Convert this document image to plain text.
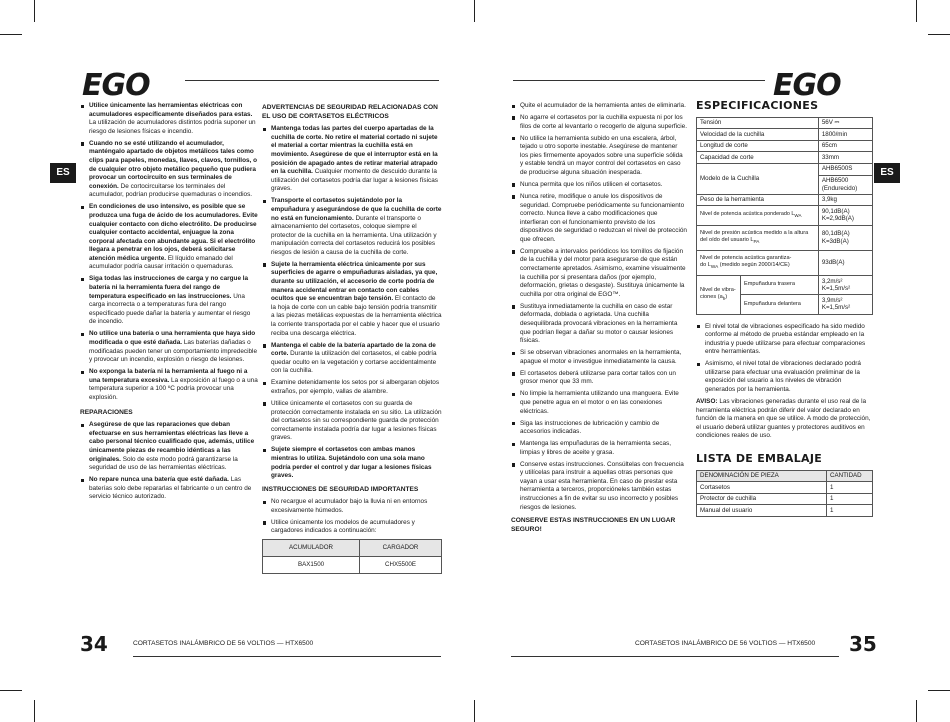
EGO
ES
Utilice únicamente las herramientas eléctricas con acumuladores específicamente diseñados para estas. La utilización de acumuladores distintos podría suponer un riesgo de lesiones físicas e incendio.
Cuando no se esté utilizando el acumulador, manténgalo apartado de objetos metálicos tales como clips para papeles, monedas, llaves, clavos, tornillos, o de cualquier otro objeto metálico pequeño que pudiera provocar un cortocircuito en sus terminales de conexión. De cortocircuitarse los terminales del acumulador, podrían producirse quemaduras o incendios.
En condiciones de uso intensivo, es posible que se produzca una fuga de ácido de los acumuladores. Evite cualquier contacto con dicho electrólito. De producirse cualquier contacto accidental, enjuague la zona corporal afectada con abundante agua. Si el electrólito llegara a penetrar en los ojos, deberá solicitarse atención médica urgente. El líquido emanado del acumulador podría causar irritación o quemaduras.
Siga todas las instrucciones de carga y no cargue la batería ni la herramienta fuera del rango de temperatura especificado en las instrucciones. Una carga incorrecta o a temperaturas fura del rango especificado puede dañar la batería y aumentar el riesgo de incendio.
No utilice una batería o una herramienta que haya sido modificada o que esté dañada. Las baterías dañadas o modificadas pueden tener un comportamiento impredecible y provocar un incendio, explosión o riesgo de lesiones.
No exponga la batería ni la herramienta al fuego ni a una temperatura excesiva. La exposición al fuego o a una temperatura superior a 100 ºC podría provocar una explosión.
REPARACIONES
Asegúrese de que las reparaciones que deban efectuarse en sus herramientas eléctricas las lleve a cabo personal técnico cualificado que, además, utilice únicamente piezas de recambio idénticas a las originales. Solo de este modo podrá garantizarse la seguridad de uso de las herramientas eléctricas.
No repare nunca una batería que esté dañada. Las baterías solo debe repararlas el fabricante o un centro de servicio técnico autorizado.
ADVERTENCIAS DE SEGURIDAD RELACIONADAS CON EL USO DE CORTASETOS ELÉCTRICOS
Mantenga todas las partes del cuerpo apartadas de la cuchilla de corte. No retire el material cortado ni sujete el material a cortar mientras la cuchilla está en movimiento. Asegúrese de que el interruptor está en la posición de apagado antes de retirar material atrapado en la cuchilla. Cualquier momento de descuido durante la utilización del cortasetos podría dar lugar a lesiones físicas graves.
Transporte el cortasetos sujetándolo por la empuñadura y asegurándose de que la cuchilla de corte no está en funcionamiento. Durante el transporte o almacenamiento del cortasetos, coloque siempre el protector de la cuchilla en la herramienta. Una utilización y manipulación correcta del cortasetos reducirá los posibles riesgos de lesión a causa de la cuchilla de corte.
Sujete la herramienta eléctrica únicamente por sus superficies de agarre o empuñaduras aisladas, ya que, durante su utilización, el accesorio de corte podría de manera accidental entrar en contacto con cables ocultos que se encuentran bajo tensión. El contacto de la hoja de corte con un cable bajo tensión podría transmitir a las piezas metálicas expuestas de la herramienta eléctrica la corriente transportada por el cable y hacer que el usuario reciba una descarga eléctrica.
Mantenga el cable de la batería apartado de la zona de corte. Durante la utilización del cortasetos, el cable podría quedar oculto en la vegetación y cortarse accidentalmente con la cuchilla.
Examine detenidamente los setos por si albergaran objetos extraños, por ejemplo, vallas de alambre.
Utilice únicamente el cortasetos con su guarda de protección correctamente instalada en su sitio. La utilización del cortasetos sin su correspondiente guarda de protección correctamente instalada podría dar lugar a lesiones físicas graves.
Sujete siempre el cortasetos con ambas manos mientras lo utiliza. Sujetándolo con una sola mano podría perder el control y dar lugar a lesiones físicas graves.
INSTRUCCIONES DE SEGURIDAD IMPORTANTES
No recargue el acumulador bajo la lluvia ni en entornos excesivamente húmedos.
Utilice únicamente los modelos de acumuladores y cargadores indicados a continuación:
ACUMULADOR	CARGADOR
BAX1500	CHX5500E
34	CORTASETOS INALÁMBRICO DE 56 VOLTIOS — HTX6500
EGO
ES
Quite el acumulador de la herramienta antes de eliminarla.
No agarre el cortasetos por la cuchilla expuesta ni por los filos de corte al levantarlo o recogerlo de alguna superficie.
No utilice la herramienta subido en una escalera, árbol, tejado u otro soporte inestable. Asegúrese de mantener los pies firmemente apoyados sobre una superficie sólida y estable tendrá un mayor control del cortasetos en caso de producirse alguna situación inesperada.
Nunca permita que los niños utilicen el cortasetos.
Nunca retire, modifique o anule los dispositivos de seguridad. Compruebe periódicamente su funcionamiento correcto. Nunca lleve a cabo modificaciones que interfieran con el funcionamiento previsto de los dispositivos de seguridad o reduzcan el nivel de protección que ofrecen.
Compruebe a intervalos periódicos los tornillos de fijación de la cuchilla y del motor para asegurarse de que están correctamente apretados. Asimismo, examine visualmente la cuchilla por si presentara daños (por ejemplo, deformación, grietas o desgaste). Sustituya únicamente la cuchilla por otra original de EGO™.
Sustituya inmediatamente la cuchilla en caso de estar deformada, doblada o agrietada. Una cuchilla desequilibrada provocará vibraciones en la herramienta que podrían llegar a dañar su motor o causar lesiones físicas.
Si se observan vibraciones anormales en la herramienta, apague el motor e investigue inmediatamente la causa.
El cortasetos deberá utilizarse para cortar tallos con un grosor menor que 33 mm.
No limpie la herramienta utilizando una manguera. Evite que penetre agua en el motor o en las conexiones eléctricas.
Siga las instrucciones de lubricación y cambio de accesorios indicadas.
Mantenga las empuñaduras de la herramienta secas, limpias y libres de aceite y grasa.
Conserve estas instrucciones. Consúltelas con frecuencia y utilícelas para instruir a aquellas otras personas que vayan a usar esta herramienta. En caso de prestar esta herramienta a terceros, proporcióneles también estas instrucciones a fin de evitar su uso incorrecto y posibles riesgos de lesiones.
CONSERVE ESTAS INSTRUCCIONES EN UN LUGAR SEGURO!
ESPECIFICACIONES
Tensión		56V ⎓
Velocidad de la cuchilla		1800/min
Longitud de corte		65cm
Capacidad de corte		33mm
Modelo de la Cuchilla		AHB6500S
		AHB6500 (Endurecido)
Peso de la herramienta		3,9kg
Nivel de potencia acústica ponderado $L_{WA}$		90,1dB(A)
K=2,9dB(A)
Nivel de presión acústica medido a la altura del oído del usuario $L_{PA}$		80,1dB(A)
K=3dB(A)
Nivel de potencia acústica garantiza-
do $L_{WA}$ (medido según 2000/14/CE)		93dB(A)
Nivel de vibra-ciones $(a_h)$	Empuñadura trasera	3,2m/s²
K=1,5m/s²
	Empuñadura delantera	3,9m/s²
K=1,5m/s²
El nivel total de vibraciones especificado ha sido medido conforme al método de prueba estándar empleado en la industria y puede utilizarse para efectuar comparaciones entre herramientas.
Asimismo, el nivel total de vibraciones declarado podrá utilizarse para efectuar una evaluación preliminar de la exposición del usuario a los niveles de vibración generados por la herramienta.

AVISO: Las vibraciones generadas durante el uso real de la herramienta eléctrica podrán diferir del valor declarado en función de la manera en que se utilice. A modo de protección, el usuario deberá utilizar guantes y protectores auditivos en condiciones reales de uso.

LISTA DE EMBALAJE
DENOMINACIÓN DE PIEZA	CANTIDAD
Cortasetos	1
Protector de cuchilla	1
Manual del usuario	1
CORTASETOS INALÁMBRICO DE 56 VOLTIOS — HTX6500 35
